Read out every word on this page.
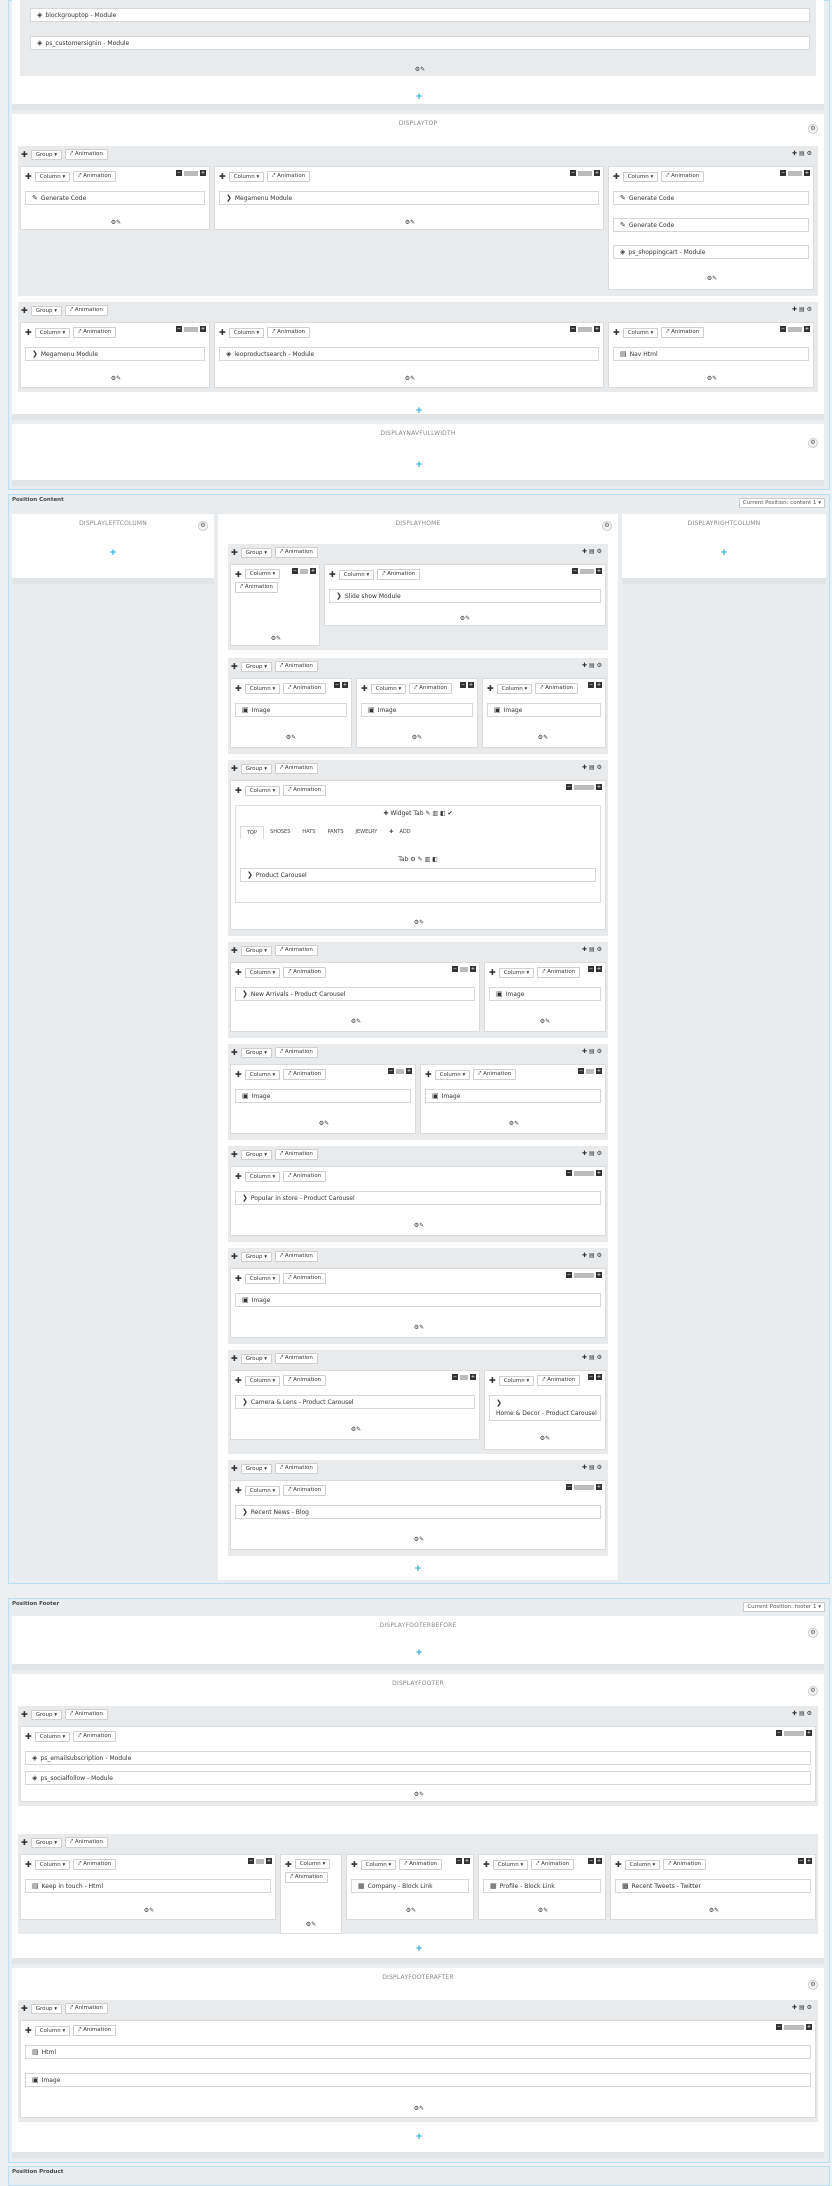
◈ blockgrouptop - Module
◈ ps_customersignin - Module
⚙✎
+
DISPLAYTOP
⚙
✚	Group ▾	⤤ Animation	✚▤⚙
✚	Column ▾	⤤ Animation	−	+
✎ Generate Code
⚙✎
✚	Column ▾	⤤ Animation	−	+
❯ Megamenu Module
⚙✎
✚	Column ▾	⤤ Animation	−	+
✎ Generate Code
✎ Generate Code
◈ ps_shoppingcart - Module
⚙✎
✚	Group ▾	⤤ Animation	✚▤⚙
✚	Column ▾	⤤ Animation	−	+
❯ Megamenu Module
⚙✎
✚	Column ▾	⤤ Animation	−	+
◈ leoproductsearch - Module
⚙✎
✚	Column ▾	⤤ Animation	−	+
▤ Nav Html
⚙✎
+
DISPLAYNAVFULLWIDTH
⚙
+
Position Content	Current Position: content 1 ▾
DISPLAYLEFTCOLUMN	⚙
+
DISPLAYRIGHTCOLUMN
+
DISPLAYHOME	⚙
✚	Group ▾	⤤ Animation	✚▤⚙
✚	Column ▾	−	+
⤤ Animation
⚙✎
✚	Column ▾	⤤ Animation	−	+
❯ Slide show Module
⚙✎
✚	Group ▾	⤤ Animation	✚▤⚙
✚	Column ▾	⤤ Animation	− +
▣ Image
⚙✎
✚	Column ▾	⤤ Animation	− +
▣ Image
⚙✎
✚	Column ▾	⤤ Animation	− +
▣ Image
⚙✎
✚	Group ▾	⤤ Animation	✚▤⚙
✚	Column ▾	⤤ Animation	−	+
✚ Widget Tab ✎ ▥ ◧ ✔
TOP	SHOSES	HATS	PANTS	JEWELRY	✚ ADD
Tab ⚙ ✎ ▥ ◧
❯ Product Carousel
⚙✎
✚	Group ▾	⤤ Animation	✚▤⚙
✚	Column ▾	⤤ Animation	−	+
❯ New Arrivals - Product Carousel
⚙✎
✚	Column ▾	⤤ Animation	− +
▣ Image
⚙✎
✚	Group ▾	⤤ Animation	✚▤⚙
✚	Column ▾	⤤ Animation	−	+
▣ Image
⚙✎
✚	Column ▾	⤤ Animation	−	+
▣ Image
⚙✎
✚	Group ▾	⤤ Animation	✚▤⚙
✚	Column ▾	⤤ Animation	−	+
❯ Popular in store - Product Carousel
⚙✎
✚	Group ▾	⤤ Animation	✚▤⚙
✚	Column ▾	⤤ Animation	−	+
▣ Image
⚙✎
✚	Group ▾	⤤ Animation	✚▤⚙
✚	Column ▾	⤤ Animation	−	+
❯ Camera & Lens - Product Carousel
⚙✎
✚	Column ▾	⤤ Animation	− +
❯
Home & Decor - Product Carousel
⚙✎
✚	Group ▾	⤤ Animation	✚▤⚙
✚	Column ▾	⤤ Animation	−	+
❯ Recent News - Blog
⚙✎
+
Position Footer	Current Position: footer 1 ▾
DISPLAYFOOTERBEFORE
⚙
+
DISPLAYFOOTER
⚙
✚	Group ▾	⤤ Animation	✚▤⚙
✚	Column ▾	⤤ Animation	−	+
◈ ps_emailsubscription - Module
◈ ps_socialfollow - Module
⚙✎
✚	Group ▾	⤤ Animation
✚	Column ▾	⤤ Animation	−	+
▤ Keep in touch - Html
⚙✎
✚	Column ▾
⤤ Animation
⚙✎
✚	Column ▾	⤤ Animation	− +
▦ Company - Block Link
⚙✎
✚	Column ▾	⤤ Animation	− +
▦ Profile - Block Link
⚙✎
✚	Column ▾	⤤ Animation	− +
▩ Recent Tweets - Twitter
⚙✎
+
DISPLAYFOOTERAFTER
⚙
✚	Group ▾	⤤ Animation	✚▤⚙
✚	Column ▾	⤤ Animation	−	+
▤ Html
▣ Image
⚙✎
+
Position Product
